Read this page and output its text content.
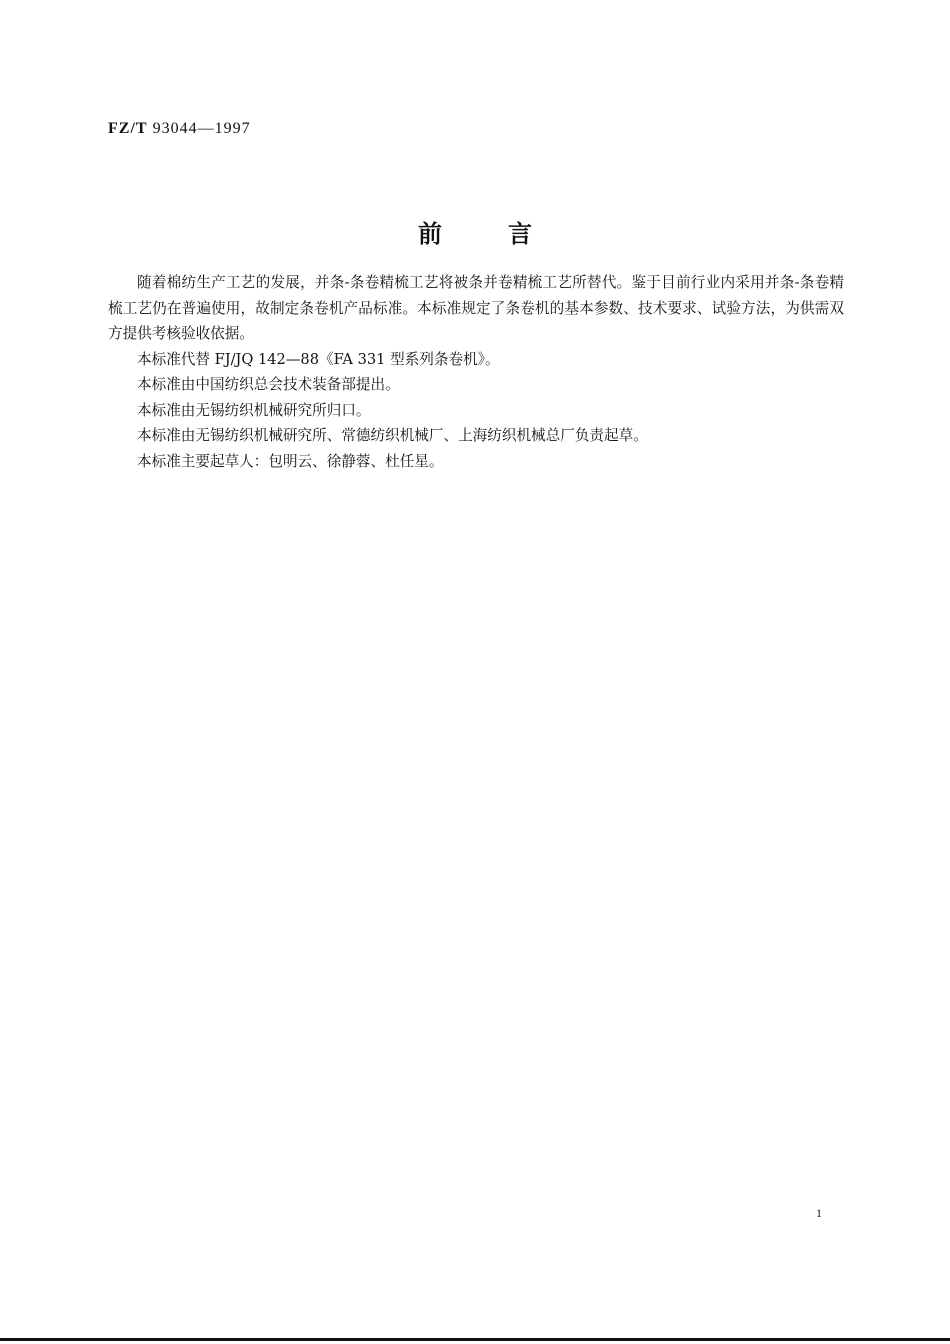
FZ/T 93044—1997
前言

随着棉纺生产工艺的发展，并条-条卷精梳工艺将被条并卷精梳工艺所替代。鉴于目前行业内采用并条-条卷精梳工艺仍在普遍使用，故制定条卷机产品标准。本标准规定了条卷机的基本参数、技术要求、试验方法，为供需双方提供考核验收依据。

本标准代替 FJ/JQ 142—88《FA 331 型系列条卷机》。

本标准由中国纺织总会技术装备部提出。

本标准由无锡纺织机械研究所归口。

本标准由无锡纺织机械研究所、常德纺织机械厂、上海纺织机械总厂负责起草。

本标准主要起草人：包明云、徐静蓉、杜任星。

1
